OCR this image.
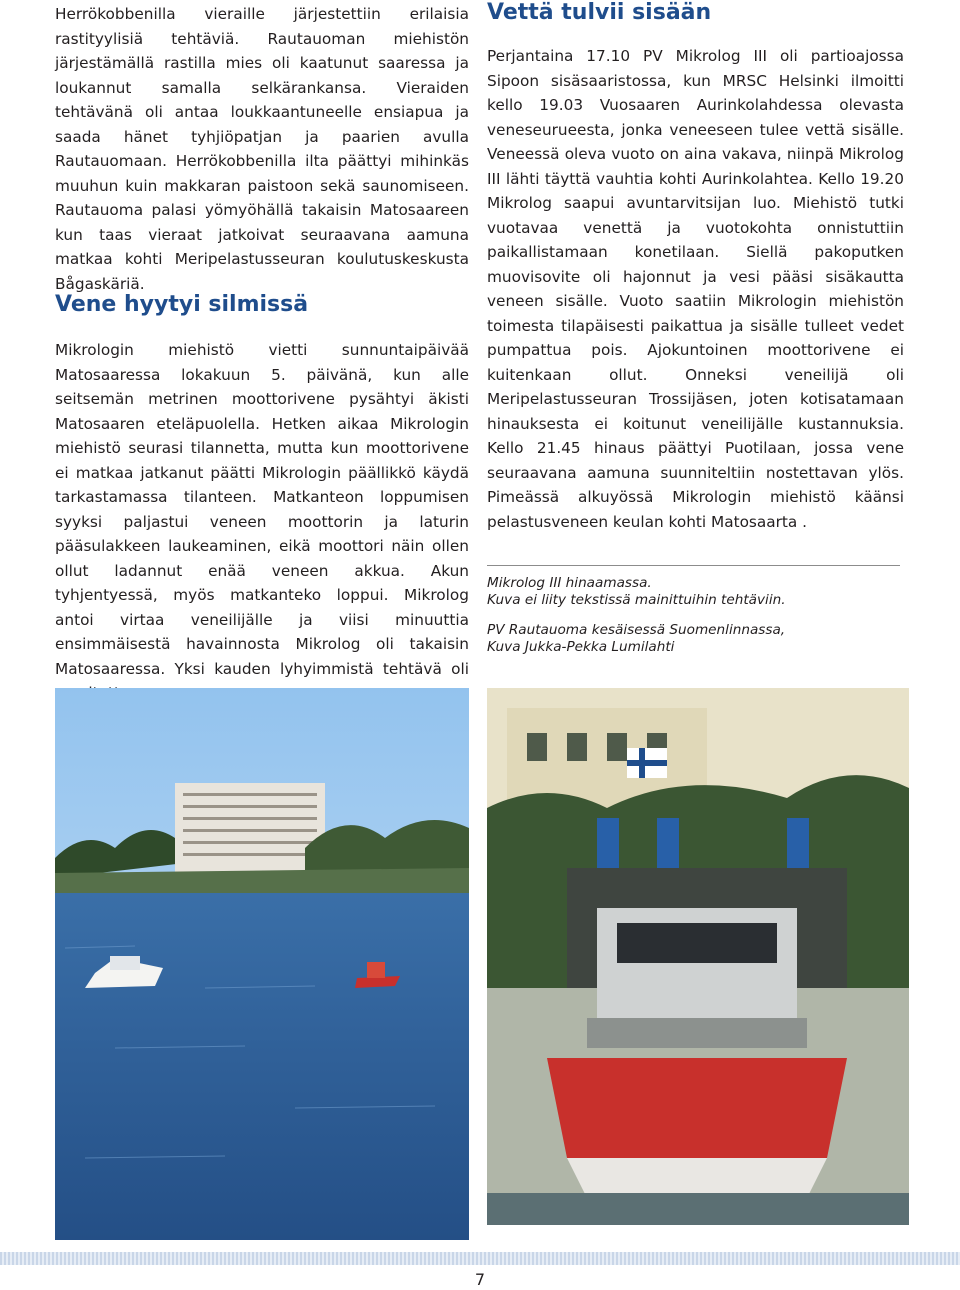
Herrökobbenilla vieraille järjestettiin erilaisia rastityylisiä tehtäviä. Rautauoman miehistön järjestämällä rastilla mies oli kaatunut saaressa ja loukannut samalla selkärankansa. Vieraiden tehtävänä oli antaa loukkaantuneelle ensiapua ja saada hänet tyhjiöpatjan ja paarien avulla Rautauomaan. Herrökobbenilla ilta päättyi mihinkäs muuhun kuin makkaran paistoon sekä saunomiseen. Rautauoma palasi yömyöhällä takaisin Matosaareen kun taas vieraat jatkoivat seuraavana aamuna matkaa kohti Meripelastusseuran koulutuskeskusta Bågaskäriä.

Vene hyytyi silmissä

Mikrologin miehistö vietti sunnuntaipäivää Matosaaressa lokakuun 5. päivänä, kun alle seitsemän metrinen moottorivene pysähtyi äkisti Matosaaren eteläpuolella. Hetken aikaa Mikrologin miehistö seurasi tilannetta, mutta kun moottorivene ei matkaa jatkanut päätti Mikrologin päällikkö käydä tarkastamassa tilanteen. Matkanteon loppumisen syyksi paljastui veneen moottorin ja laturin pääsulakkeen laukeaminen, eikä moottori näin ollen ollut ladannut enää veneen akkua. Akun tyhjentyessä, myös matkanteko loppui. Mikrolog antoi virtaa veneilijälle ja viisi minuuttia ensimmäisestä havainnosta Mikrolog oli takaisin Matosaaressa. Yksi kauden lyhyimmistä tehtävä oli

Vettä tulvii sisään

Perjantaina 17.10 PV Mikrolog III oli partioajossa Sipoon sisäsaaristossa, kun MRSC Helsinki ilmoitti kello 19.03 Vuosaaren Aurinkolahdessa olevasta veneseurueesta, jonka veneeseen tulee vettä sisälle. Veneessä oleva vuoto on aina vakava, niinpä Mikrolog III lähti täyttä vauhtia kohti Aurinkolahtea. Kello 19.20 Mikrolog saapui avuntarvitsijan luo. Miehistö tutki vuotavaa venettä ja vuotokohta onnistuttiin paikallistamaan konetilaan. Siellä pakoputken muovisovite oli hajonnut ja vesi pääsi sisäkautta veneen sisälle. Vuoto saatiin Mikrologin miehistön toimesta tilapäisesti paikattua ja sisälle tulleet vedet pumpattua pois. Ajokuntoinen moottorivene ei kuitenkaan ollut. Onneksi veneilijä oli Meripelastusseuran Trossijäsen, joten kotisatamaan hinauksesta ei koitunut veneilijälle kustannuksia. Kello 21.45 hinaus päättyi Puotilaan, jossa vene seuraavana aamuna suunniteltiin nostettavan ylös. Pimeässä alkuyössä Mikrologin miehistö käänsi pelastusveneen keulan kohti Matosaarta .

Mikrolog III hinaamassa.
Kuva ei liity tekstissä mainittuihin tehtäviin.
PV Rautauoma kesäisessä Suomenlinnassa,
Kuva Jukka-Pekka Lumilahti
7
